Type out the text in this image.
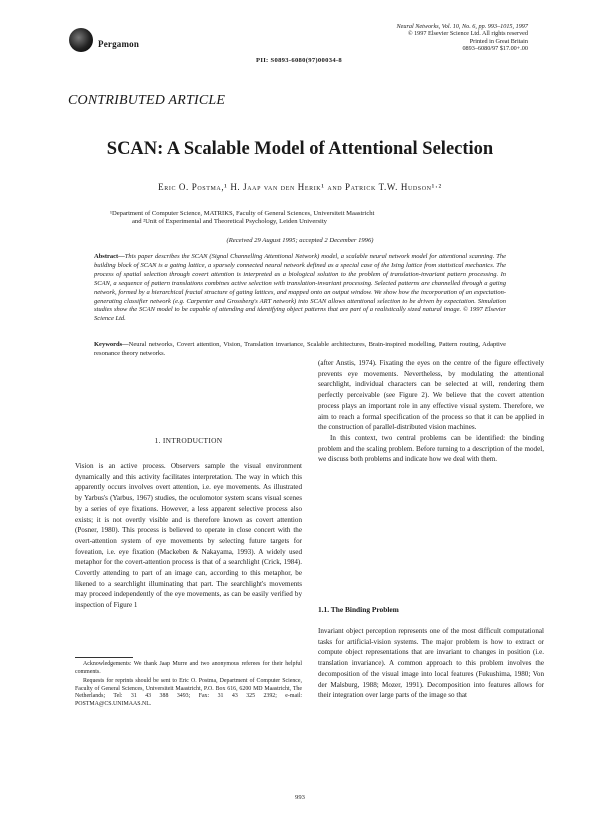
Pergamon
Neural Networks, Vol. 10, No. 6, pp. 993–1015, 1997
© 1997 Elsevier Science Ltd. All rights reserved
Printed in Great Britain
0893–6080/97 $17.00+.00
PII: S0893-6080(97)00034-8
CONTRIBUTED ARTICLE
SCAN: A Scalable Model of Attentional Selection
Eric O. Postma,¹ H. Jaap van den Herik¹ and Patrick T.W. Hudson¹·²
¹Department of Computer Science, MATRIKS, Faculty of General Sciences, Universiteit Maastricht
and ²Unit of Experimental and Theoretical Psychology, Leiden University
(Received 29 August 1995; accepted 2 December 1996)
Abstract—This paper describes the SCAN (Signal Channelling Attentional Network) model, a scalable neural network model for attentional scanning. The building block of SCAN is a gating lattice, a sparsely connected neural network defined as a special case of the Ising lattice from statistical mechanics. The process of spatial selection through covert attention is interpreted as a biological solution to the problem of translation-invariant pattern processing. In SCAN, a sequence of pattern translations combines active selection with translation-invariant processing. Selected patterns are channelled through a gating network, formed by a hierarchical fractal structure of gating lattices, and mapped onto an output window. We show how the incorporation of an expectation-generating classifier network (e.g. Carpenter and Grossberg's ART network) into SCAN allows attentional selection to be driven by expectation. Simulation studies show the SCAN model to be capable of attending and identifying object patterns that are part of a realistically sized natural image. © 1997 Elsevier Science Ltd.
Keywords—Neural networks, Covert attention, Vision, Translation invariance, Scalable architectures, Brain-inspired modelling, Pattern routing, Adaptive resonance theory networks.
1. INTRODUCTION

Vision is an active process. Observers sample the visual environment dynamically and this activity facilitates interpretation. The way in which this apparently occurs involves overt attention, i.e. eye movements. As illustrated by Yarbus's (Yarbus, 1967) studies, the oculomotor system scans visual scenes by a series of eye fixations. However, a less apparent selective process also exists; it is not overtly visible and is therefore known as covert attention (Posner, 1980). This process is believed to operate in close concert with the overt-attention system of eye movements by selecting future targets for foveation, i.e. eye fixation (Mackeben & Nakayama, 1993). A widely used metaphor for the covert-attention process is that of a searchlight (Crick, 1984). Covertly attending to part of an image can, according to this metaphor, be likened to a searchlight illuminating that part. The searchlight's movements may proceed independently of the eye movements, as can be easily verified by inspection of Figure 1

(after Anstis, 1974). Fixating the eyes on the centre of the figure effectively prevents eye movements. Nevertheless, by modulating the attentional searchlight, individual characters can be selected at will, rendering them perfectly perceivable (see Figure 2). We believe that the covert attention process plays an important role in any effective visual system. Therefore, we aim to reach a formal specification of the process so that it can be applied in the construction of parallel-distributed vision machines.

In this context, two central problems can be identified: the binding problem and the scaling problem. Before turning to a description of the model, we discuss both problems and indicate how we deal with them.

1.1. The Binding Problem

Invariant object perception represents one of the most difficult computational tasks for artificial-vision systems. The major problem is how to extract or compute object representations that are invariant to changes in position (i.e. translation invariance). A common approach to this problem involves the decomposition of the visual image into local features (Fukushima, 1980; Von der Malsburg, 1988; Mozer, 1991). Decomposition into features allows for their integration over large parts of the image so that

Acknowledgements: We thank Jaap Murre and two anonymous referees for their helpful comments.

Requests for reprints should be sent to Eric O. Postma, Department of Computer Science, Faculty of General Sciences, Universiteit Maastricht, P.O. Box 616, 6200 MD Maastricht, The Netherlands; Tel: 31 43 388 3493; Fax: 31 43 325 2392; e-mail: POSTMA@CS.UNIMAAS.NL.

993
